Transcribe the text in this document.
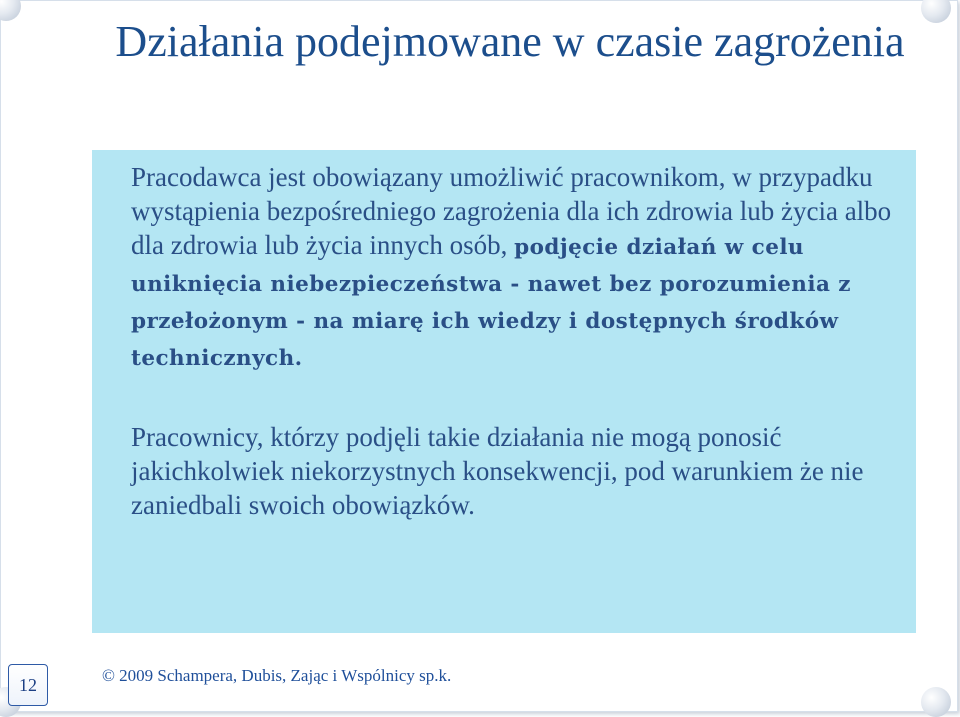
Działania podejmowane w czasie zagrożenia
Pracodawca jest obowiązany umożliwić pracownikom, w przypadku wystąpienia bezpośredniego zagrożenia dla ich zdrowia lub życia albo dla zdrowia lub życia innych osób, podjęcie działań w celu uniknięcia niebezpieczeństwa - nawet bez porozumienia z przełożonym - na miarę ich wiedzy i dostępnych środków technicznych.
Pracownicy, którzy podjęli takie działania nie mogą ponosić jakichkolwiek niekorzystnych konsekwencji, pod warunkiem że nie zaniedbali swoich obowiązków.
12	© 2009 Schampera, Dubis, Zając i Wspólnicy sp.k.
